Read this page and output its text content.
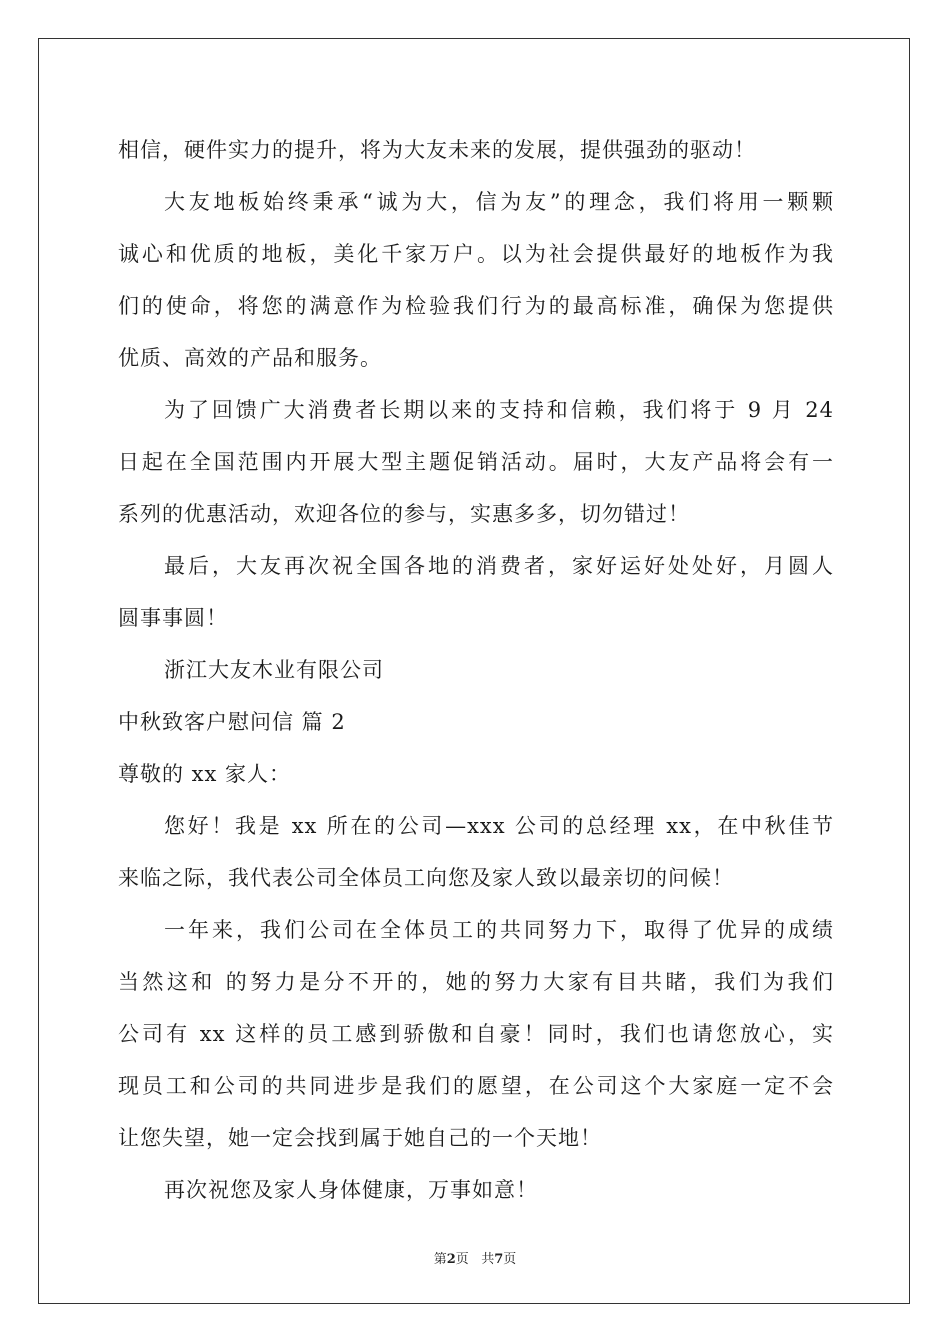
相信，硬件实力的提升，将为大友未来的发展，提供强劲的驱动！
大友地板始终秉承“诚为大，信为友”的理念，我们将用一颗颗
诚心和优质的地板，美化千家万户。以为社会提供最好的地板作为我
们的使命，将您的满意作为检验我们行为的最高标准，确保为您提供
优质、高效的产品和服务。
为了回馈广大消费者长期以来的支持和信赖，我们将于 9 月 24
日起在全国范围内开展大型主题促销活动。届时，大友产品将会有一
系列的优惠活动，欢迎各位的参与，实惠多多，切勿错过！
最后，大友再次祝全国各地的消费者，家好运好处处好，月圆人
圆事事圆！
浙江大友木业有限公司
中秋致客户慰问信 篇 2
尊敬的 xx 家人：
您好！我是 xx 所在的公司—xxx 公司的总经理 xx，在中秋佳节
来临之际，我代表公司全体员工向您及家人致以最亲切的问候！
一年来，我们公司在全体员工的共同努力下，取得了优异的成绩
当然这和 的努力是分不开的，她的努力大家有目共睹，我们为我们
公司有 xx 这样的员工感到骄傲和自豪！同时，我们也请您放心，实
现员工和公司的共同进步是我们的愿望，在公司这个大家庭一定不会
让您失望，她一定会找到属于她自己的一个天地！
再次祝您及家人身体健康，万事如意！
第2页 共7页
